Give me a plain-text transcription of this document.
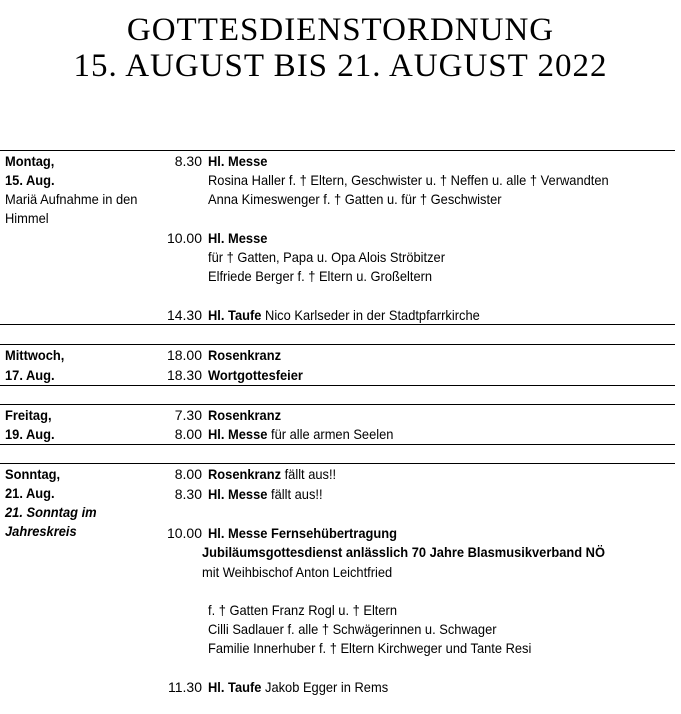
GOTTESDIENSTORDNUNG
15. AUGUST BIS 21. AUGUST 2022
Montag,
15. Aug.
Mariä Aufnahme in den
Himmel
8.30 Hl. Messe
Rosina Haller f. † Eltern, Geschwister u. † Neffen u. alle † Verwandten
Anna Kimeswenger f. † Gatten u. für † Geschwister
10.00 Hl. Messe
für † Gatten, Papa u. Opa Alois Ströbitzer
Elfriede Berger f. † Eltern u. Großeltern
14.30 Hl. Taufe Nico Karlseder in der Stadtpfarrkirche
Mittwoch,
17. Aug.
18.00 Rosenkranz
18.30 Wortgottesfeier
Freitag,
19. Aug.
7.30 Rosenkranz
8.00 Hl. Messe für alle armen Seelen
Sonntag,
21. Aug.
21. Sonntag im
Jahreskreis
8.00 Rosenkranz fällt aus!!
8.30 Hl. Messe fällt aus!!
10.00 Hl. Messe Fernsehübertragung
Jubiläumsgottesdienst anlässlich 70 Jahre Blasmusikverband NÖ
mit Weihbischof Anton Leichtfried
f. † Gatten Franz Rogl u. † Eltern
Cilli Sadlauer f. alle † Schwägerinnen u. Schwager
Familie Innerhuber f. † Eltern Kirchweger und Tante Resi
11.30 Hl. Taufe Jakob Egger in Rems
